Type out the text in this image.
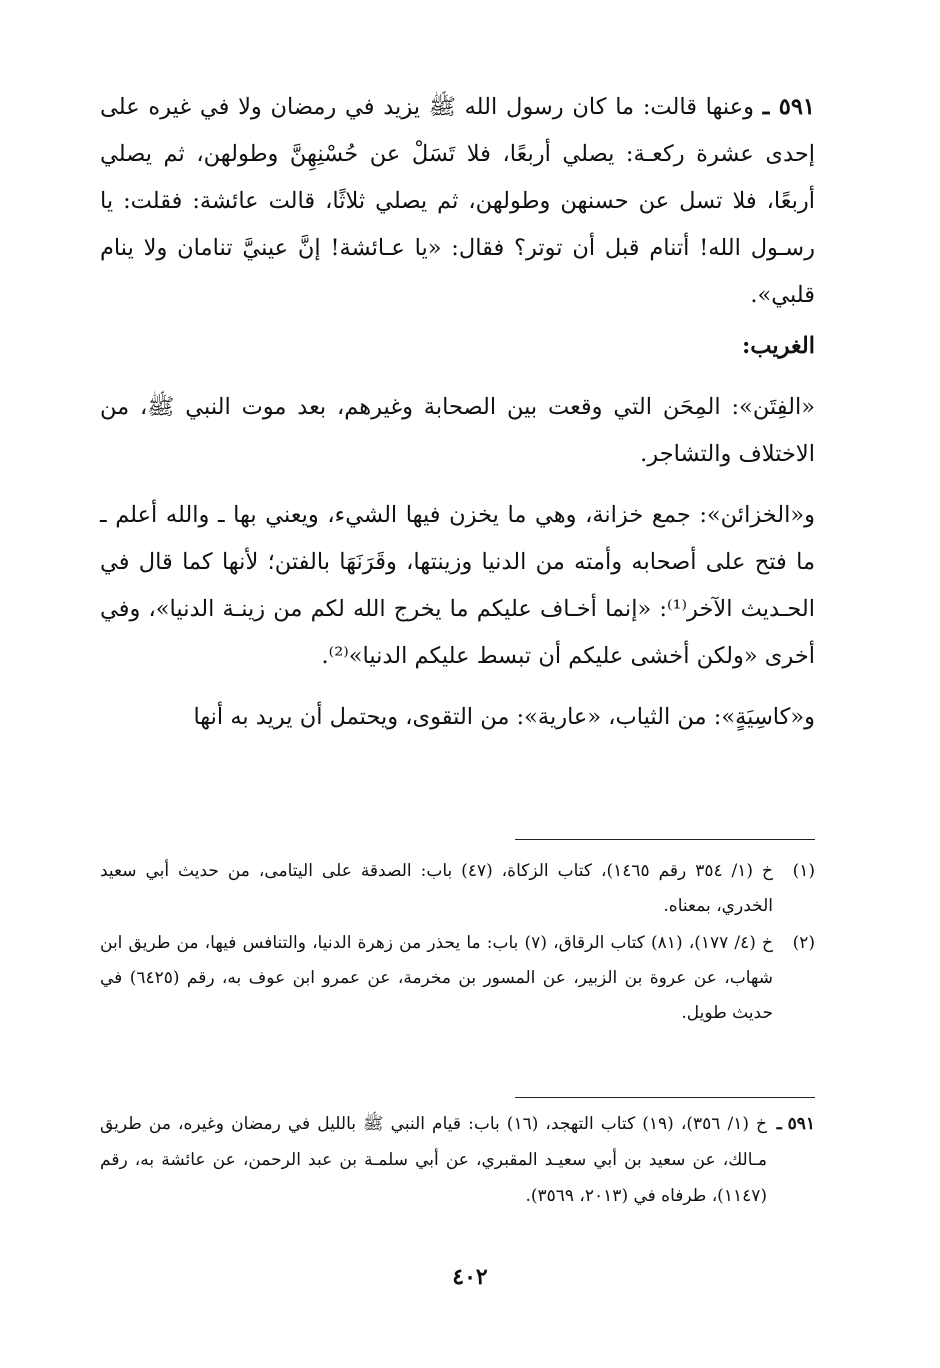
٥٩١ ـ وعنها قالت: ما كان رسول الله ﷺ يزيد في رمضان ولا في غيره على إحدى عشرة ركعـة: يصلي أربعًا، فلا تَسَلْ عن حُسْنِهِنَّ وطولهن، ثم يصلي أربعًا، فلا تسل عن حسنهن وطولهن، ثم يصلي ثلاثًا، قالت عائشة: فقلت: يا رسـول الله! أتنام قبل أن توتر؟ فقال: «يا عـائشة! إنَّ عينيَّ تنامان ولا ينام قلبي».

الغريب:

«الفِتَن»: المِحَن التي وقعت بين الصحابة وغيرهم، بعد موت النبي ﷺ، من الاختلاف والتشاجر.

و«الخزائن»: جمع خزانة، وهي ما يخزن فيها الشيء، ويعني بها ـ والله أعلم ـ ما فتح على أصحابه وأمته من الدنيا وزينتها، وقَرَنَهَا بالفتن؛ لأنها كما قال في الحـديث الآخر⁽¹⁾: «إنما أخـاف عليكم ما يخرج الله لكم من زينـة الدنيا»، وفي أخرى «ولكن أخشى عليكم أن تبسط عليكم الدنيا»⁽²⁾.

و«كاسِيَةٍ»: من الثياب، «عارية»: من التقوى، ويحتمل أن يريد به أنها

(١)
خ (١/ ٣٥٤ رقم ١٤٦٥)، كتاب الزكاة، (٤٧) باب: الصدقة على اليتامى، من حديث أبي سعيد الخدري، بمعناه.
(٢)
خ (٤/ ١٧٧)، (٨١) كتاب الرقاق، (٧) باب: ما يحذر من زهرة الدنيا، والتنافس فيها، من طريق ابن شهاب، عن عروة بن الزبير، عن المسور بن مخرمة، عن عمرو ابن عوف به، رقم (٦٤٢٥) في حديث طويل.
٥٩١ ـ
خ (١/ ٣٥٦)، (١٩) كتاب التهجد، (١٦) باب: قيام النبي ﷺ بالليل في رمضان وغيره، من طريق مـالك، عن سعيد بن أبي سعيـد المقبري، عن أبي سلمـة بن عبد الرحمن، عن عائشة به، رقم (١١٤٧)، طرفاه في (٢٠١٣، ٣٥٦٩).
٤٠٢
